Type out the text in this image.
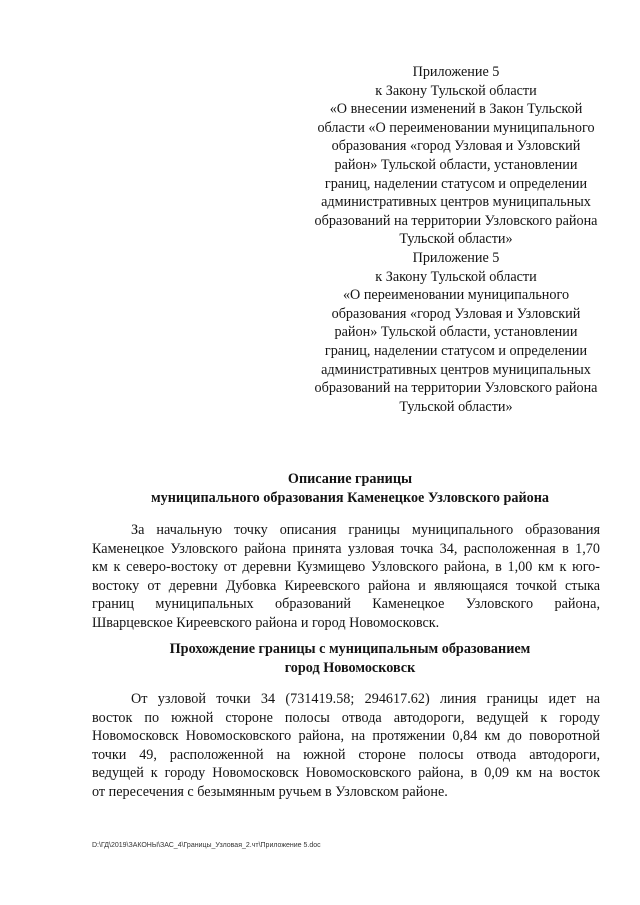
Приложение 5
к Закону Тульской области
«О внесении изменений в Закон Тульской
области «О переименовании муниципального
образования «город Узловая и Узловский
район» Тульской области, установлении
границ, наделении статусом и определении
административных центров муниципальных
образований на территории Узловского района
Тульской области»
Приложение 5
к Закону Тульской области
«О переименовании муниципального
образования «город Узловая и Узловский
район» Тульской области, установлении
границ, наделении статусом и определении
административных центров муниципальных
образований на территории Узловского района
Тульской области»
Описание границы
муниципального образования Каменецкое Узловского района
За начальную точку описания границы муниципального образования
Каменецкое Узловского района принята узловая точка 34, расположенная в 1,70
км к северо-востоку от деревни Кузмищево Узловского района, в 1,00 км к юго-
востоку от деревни Дубовка Киреевского района и являющаяся точкой стыка
границ муниципальных образований Каменецкое Узловского района,
Шварцевское Киреевского района и город Новомосковск.
Прохождение границы с муниципальным образованием
город Новомосковск
От узловой точки 34 (731419.58; 294617.62) линия границы идет на
восток по южной стороне полосы отвода автодороги, ведущей к городу
Новомосковск Новомосковского района, на протяжении 0,84 км до поворотной
точки 49, расположенной на южной стороне полосы отвода автодороги,
ведущей к городу Новомосковск Новомосковского района, в 0,09 км на восток
от пересечения с безымянным ручьем в Узловском районе.
D:\ГД\2019\ЗАКОНЫ\ЗАС_4\Границы_Узловая_2.чт\Приложение 5.doc
